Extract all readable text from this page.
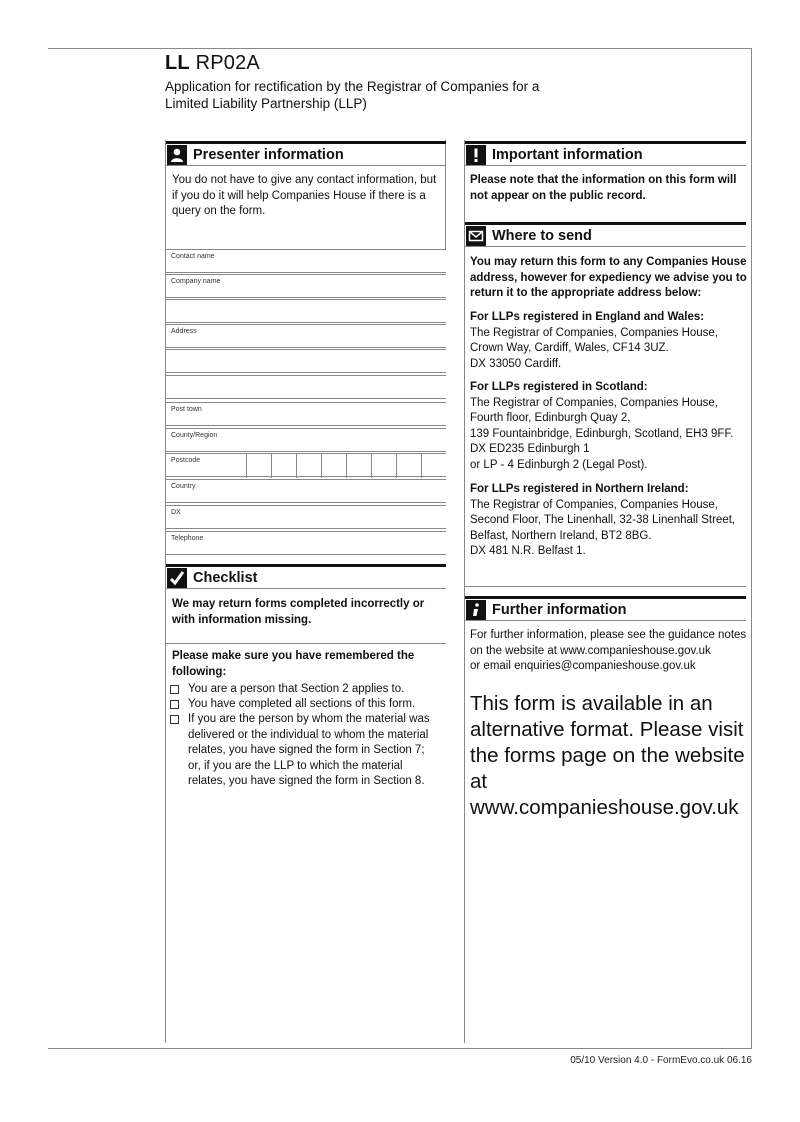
LL RP02A
Application for rectification by the Registrar of Companies for a
Limited Liability Partnership (LLP)
Presenter information
You do not have to give any contact information, but if you do it will help Companies House if there is a query on the form.
Contact name
Company name
Address
Post town
County/Region
Postcode
Country
DX
Telephone
Checklist
We may return forms completed incorrectly or with information missing.
Please make sure you have remembered the following:
You are a person that Section 2 applies to.
You have completed all sections of this form.
If you are the person by whom the material was delivered or the individual to whom the material relates, you have signed the form in Section 7; or, if you are the LLP to which the material relates, you have signed the form in Section 8.
Important information
Please note that the information on this form will not appear on the public record.
Where to send
You may return this form to any Companies House address, however for expediency we advise you to return it to the appropriate address below:
For LLPs registered in England and Wales:
The Registrar of Companies, Companies House,
Crown Way, Cardiff, Wales, CF14 3UZ.
DX 33050 Cardiff.
For LLPs registered in Scotland:
The Registrar of Companies, Companies House,
Fourth floor, Edinburgh Quay 2,
139 Fountainbridge, Edinburgh, Scotland, EH3 9FF.
DX ED235 Edinburgh 1
or LP - 4 Edinburgh 2 (Legal Post).
For LLPs registered in Northern Ireland:
The Registrar of Companies, Companies House,
Second Floor, The Linenhall, 32-38 Linenhall Street,
Belfast, Northern Ireland, BT2 8BG.
DX 481 N.R. Belfast 1.
Further information
For further information, please see the guidance notes
on the website at www.companieshouse.gov.uk
or email enquiries@companieshouse.gov.uk
This form is available in an alternative format. Please visit the forms page on the website at www.companieshouse.gov.uk
05/10 Version 4.0 - FormEvo.co.uk 06.16
